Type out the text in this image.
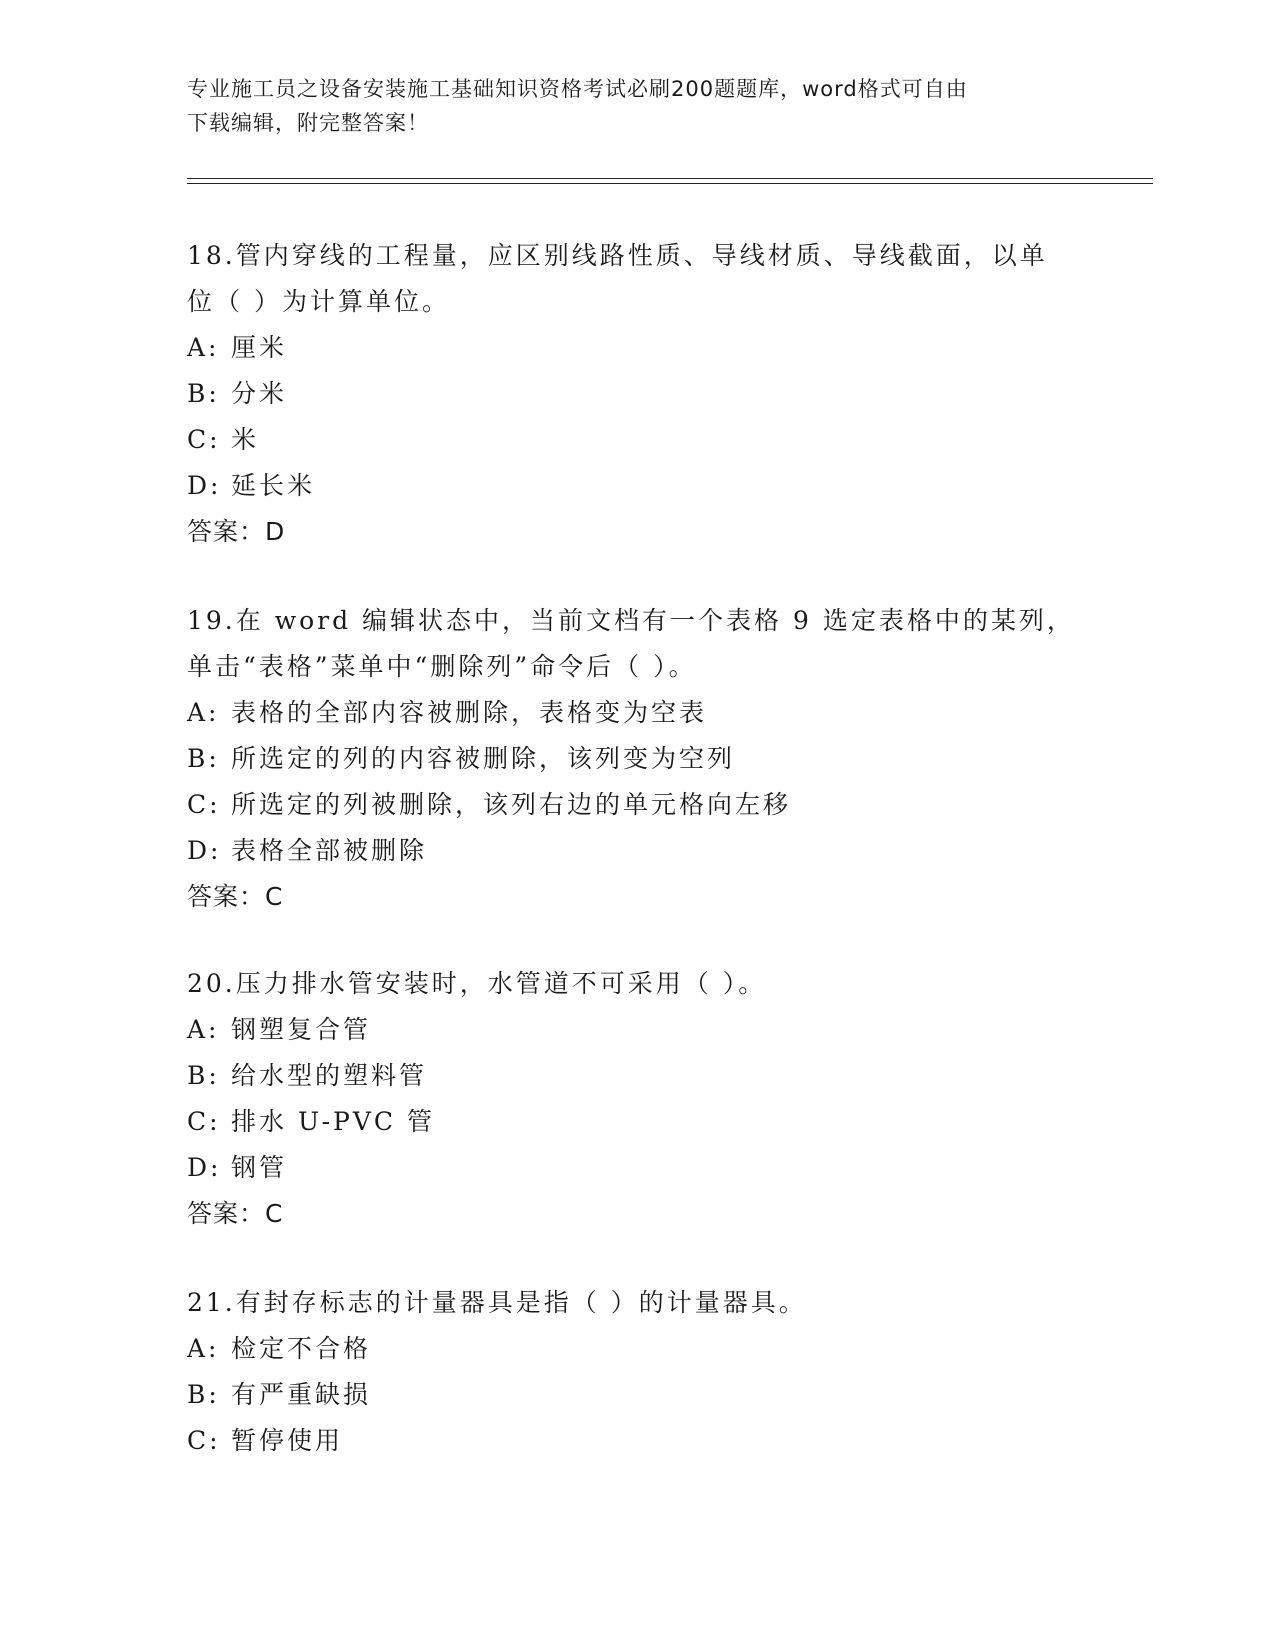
专业施工员之设备安装施工基础知识资格考试必刷200题题库，word格式可自由
下载编辑，附完整答案！

18.管内穿线的工程量，应区别线路性质、导线材质、导线截面，以单
位（ ）为计算单位。

A: 厘米

B: 分米

C: 米

D: 延长米

答案：D

19.在 word 编辑状态中，当前文档有一个表格 9 选定表格中的某列，
单击“表格”菜单中“删除列”命令后（ ）。

A: 表格的全部内容被删除，表格变为空表

B: 所选定的列的内容被删除，该列变为空列

C: 所选定的列被删除，该列右边的单元格向左移

D: 表格全部被删除

答案：C

20.压力排水管安装时，水管道不可采用（ ）。

A: 钢塑复合管

B: 给水型的塑料管

C: 排水 U-PVC 管

D: 钢管

答案：C

21.有封存标志的计量器具是指（ ）的计量器具。

A: 检定不合格

B: 有严重缺损

C: 暂停使用
